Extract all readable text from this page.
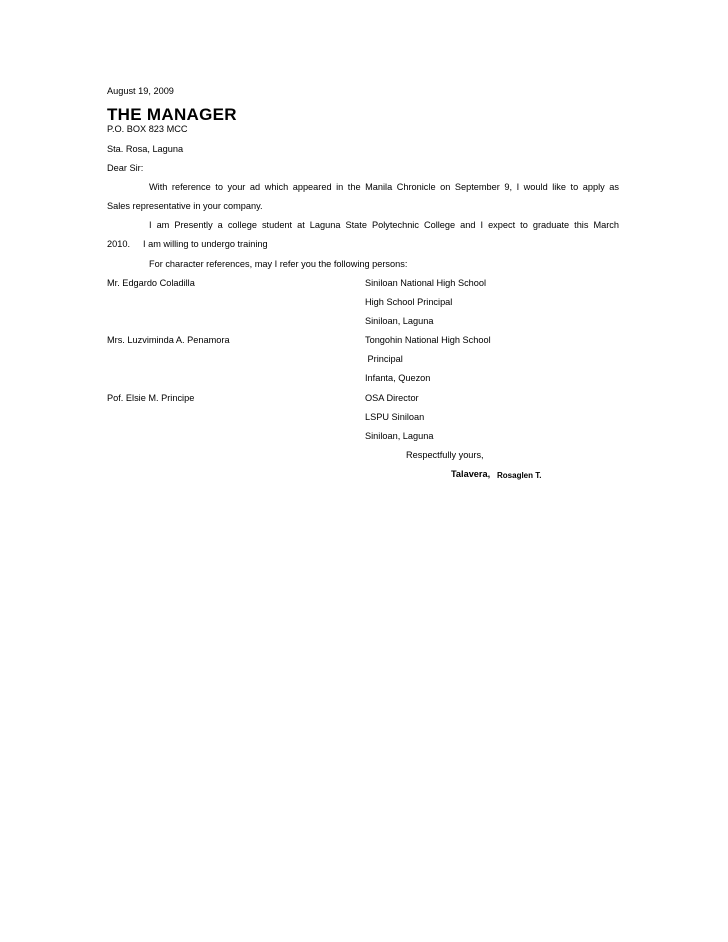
August 19, 2009

THE MANAGER

P.O. BOX 823 MCC

Sta. Rosa, Laguna

Dear Sir:

With reference to your ad which appeared in the Manila Chronicle on September 9, I would like to apply as

Sales representative in your company.

I am Presently a college student at Laguna State Polytechnic College and I expect to graduate this March

2010. I am willing to undergo training

For character references, may I refer you the following persons:

Mr. Edgardo Coladilla	Siniloan National High School

High School Principal

Siniloan, Laguna

Mrs. Luzviminda A. Penamora	Tongohin National High School

Principal

Infanta, Quezon

Pof. Elsie M. Principe	OSA Director

LSPU Siniloan

Siniloan, Laguna

Respectfully yours,

Talavera, Rosaglen T.
